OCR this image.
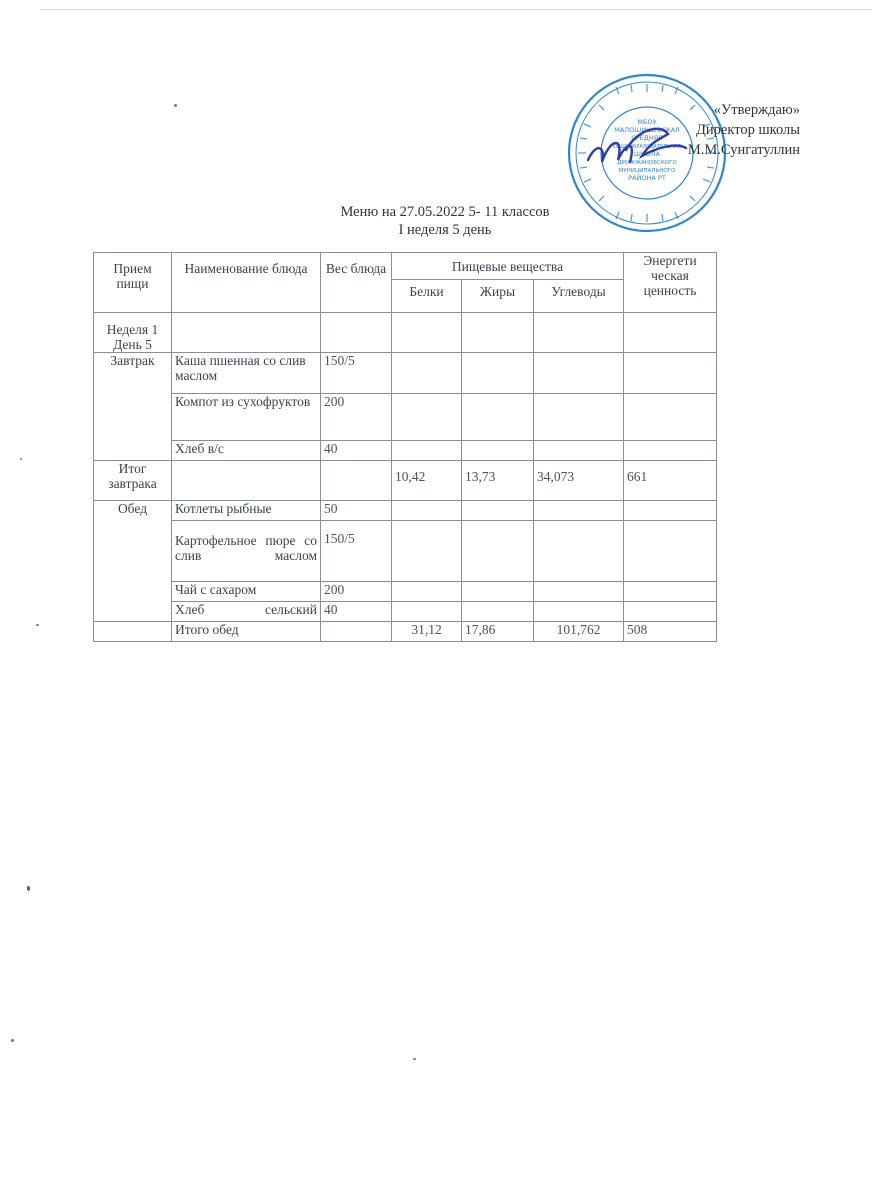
МБОУ
МАЛОШИШЕВСКАЯ
СРЕДНЯЯ
ОБЩЕОБРАЗОВАТЕЛЬНАЯ
ШКОЛА
ДРОЖЖАНОВСКОГО
МУНИЦИПАЛЬНОГО
РАЙОНА РТ
«Утверждаю»
Директор школы
М.М.Сунгатуллин
Меню на 27.05.2022 5- 11 классов
I неделя 5 день
Прием пищи	Наименование блюда	Вес блюда	Пищевые вещества			Энергети ческая ценность
			Белки	Жиры	Углеводы	
Неделя 1 День 5						
Завтрак	Каша пшенная со слив маслом	150/5				
	Компот из сухофруктов	200				
	Хлеб в/с	40				
Итог завтрака			10,42	13,73	34,073	661
Обед	Котлеты рыбные	50				
	Картофельное пюре со слив маслом	150/5				
	Чай с сахаром	200				
	Хлеб сельский	40				
	Итого обед		31,12	17,86	101,762	508
